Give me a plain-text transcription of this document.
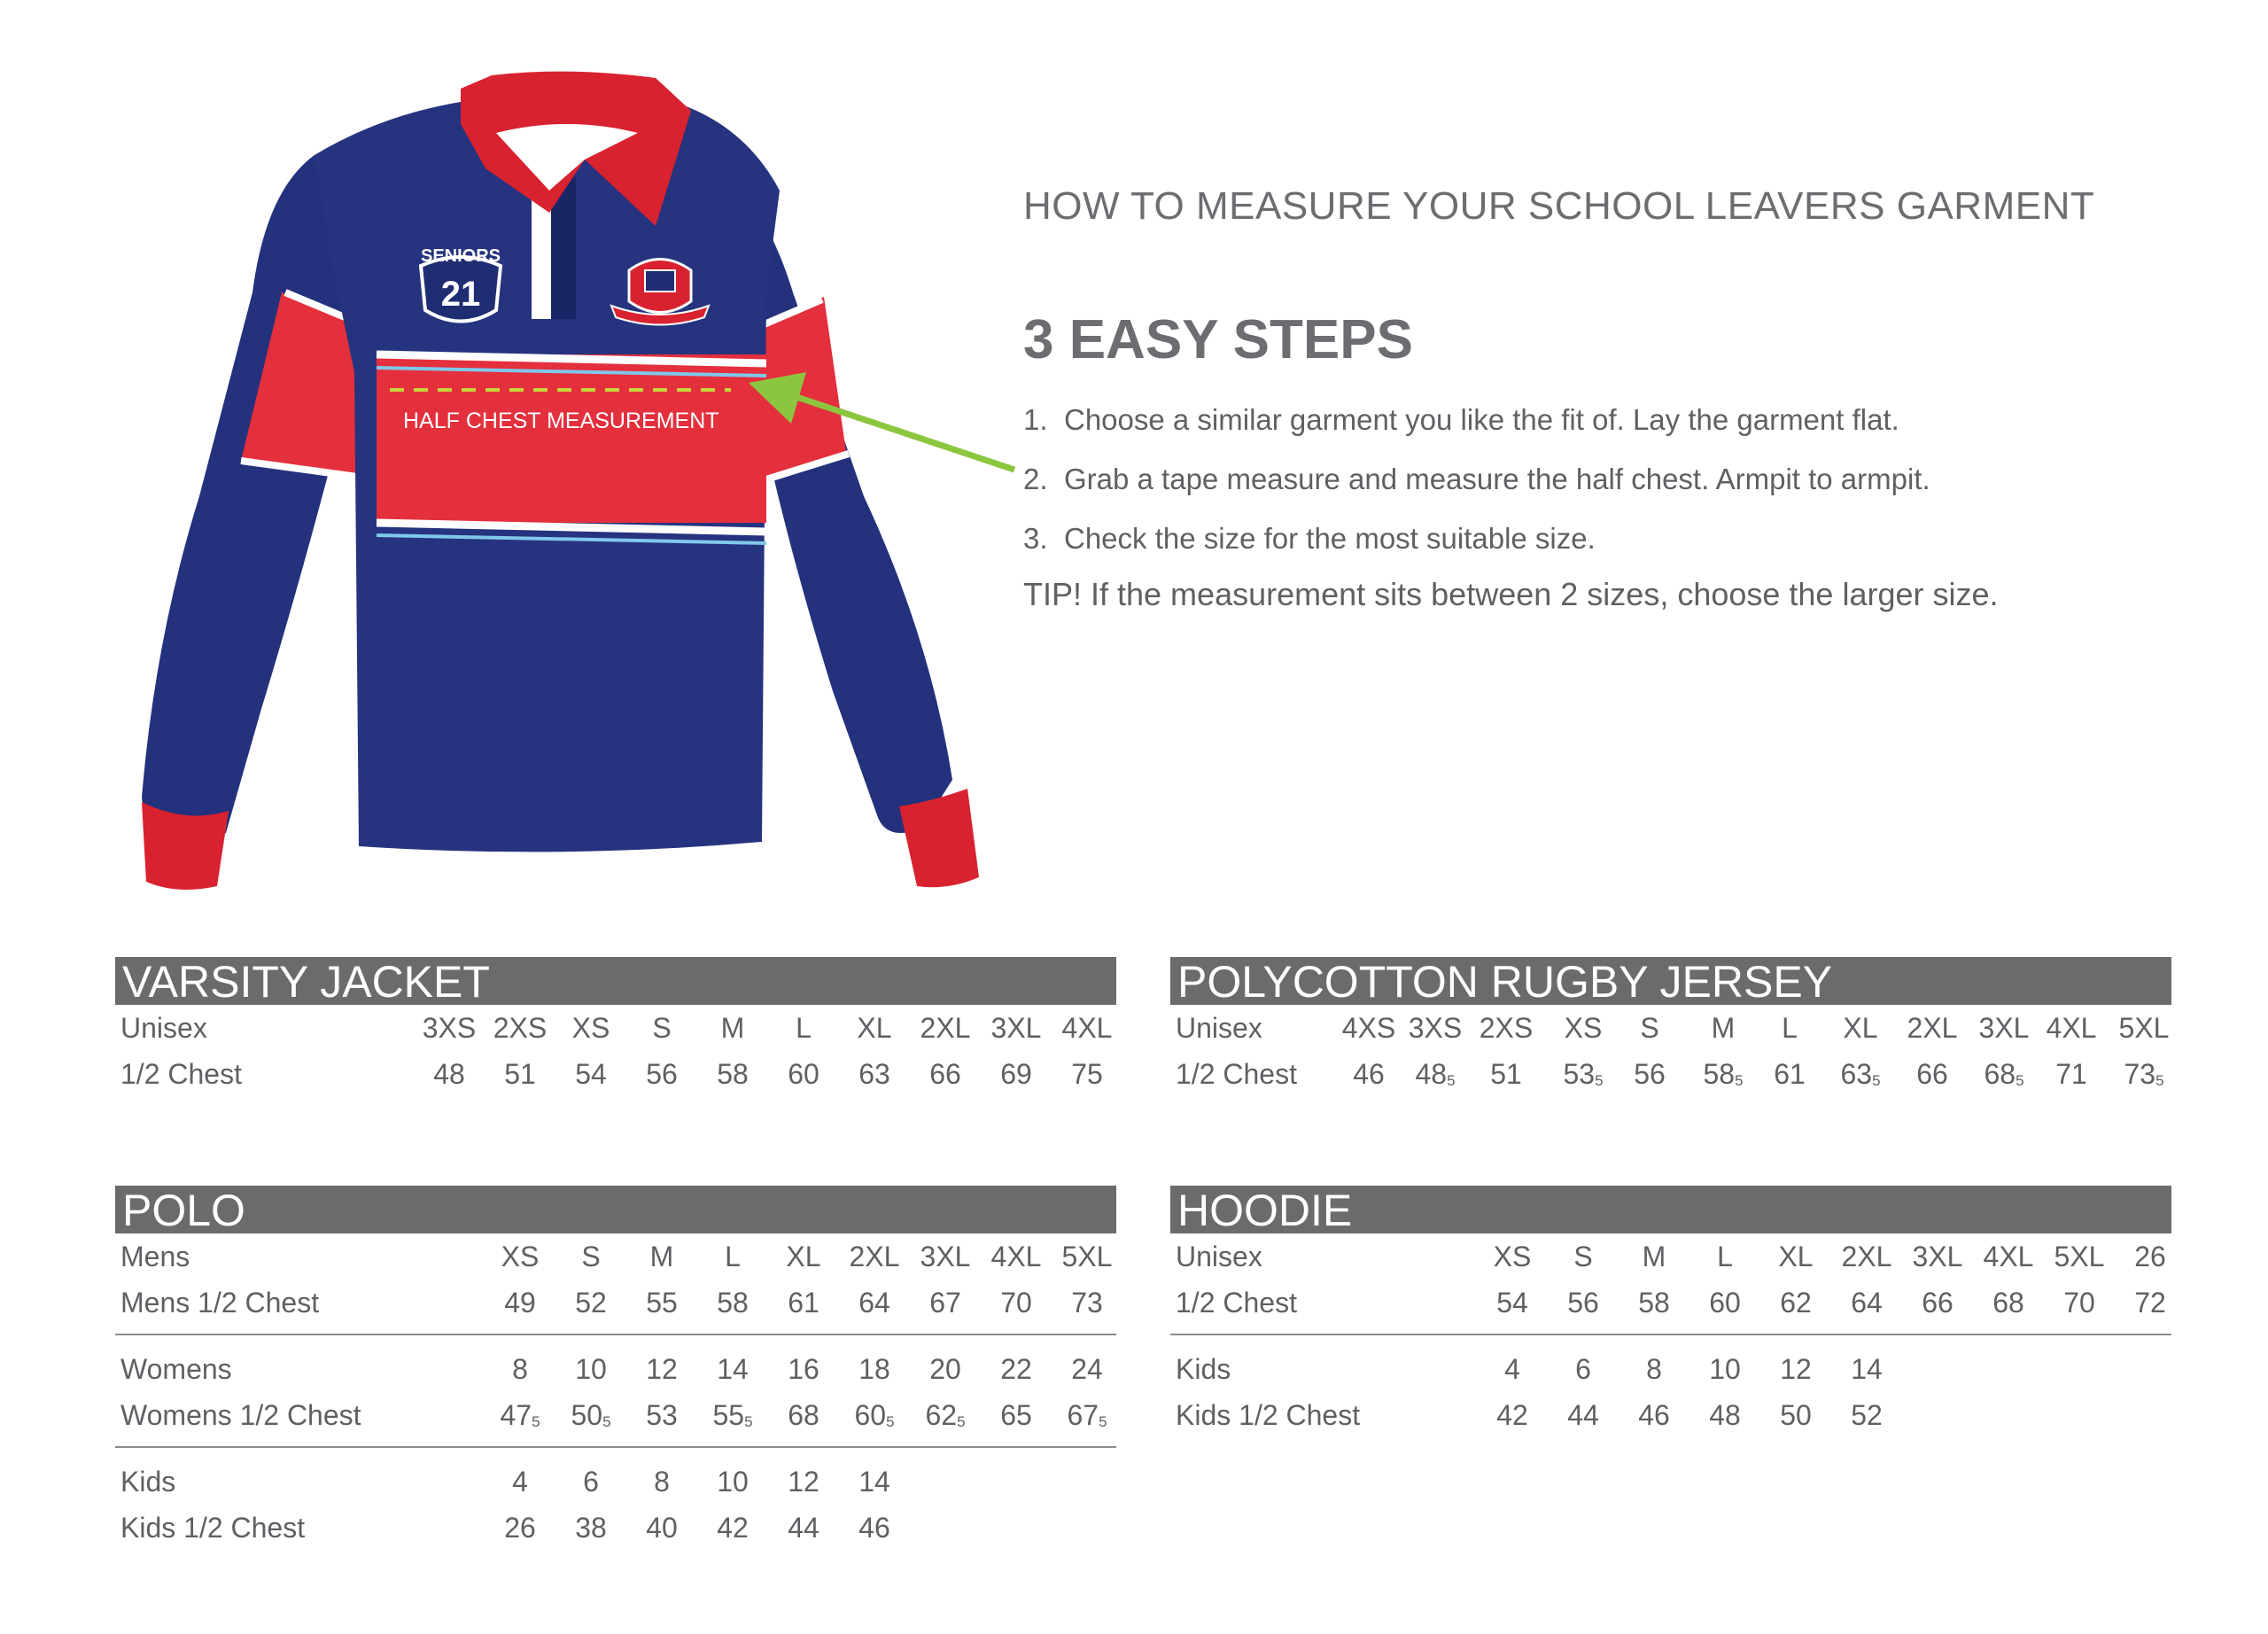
SENIORS
21
HALF CHEST MEASUREMENT
HOW TO MEASURE YOUR SCHOOL LEAVERS GARMENT
3 EASY STEPS
1. Choose a similar garment you like the fit of. Lay the garment flat.
2. Grab a tape measure and measure the half chest. Armpit to armpit.
3. Check the size for the most suitable size.
TIP! If the measurement sits between 2 sizes, choose the larger size.
VARSITY JACKET
Unisex	3XS 2XS XS	S	M	L	XL 2XL 3XL 4XL
1/2 Chest	48	51	54	56	58	60	63	66	69	75
POLYCOTTON RUGBY JERSEY
Unisex	4XS 3XS 2XS	XS	S	M	L	XL	2XL 3XL 4XL 5XL
1/2 Chest	46	$48_5$	51	$53_5$	56	$58_5$	61	$63_5$	66	$68_5$	71	$73_5$
POLO
Mens	XS	S	M	L	XL 2XL 3XL 4XL 5XL
Mens 1/2 Chest	49	52	55	58	61	64	67	70	73
Womens	8	10	12	14	16	18	20	22	24
Womens 1/2 Chest	$47_5$	$50_5$	53	$55_5$	68	$60_5$	$62_5$	65	$67_5$
Kids	4	6	8	10	12	14
Kids 1/2 Chest	26	38	40	42	44	46
HOODIE
Unisex	XS	S	M	L	XL 2XL 3XL 4XL 5XL	26
1/2 Chest	54	56	58	60	62	64	66	68	70	72
Kids	4	6	8	10	12	14
Kids 1/2 Chest	42	44	46	48	50	52
